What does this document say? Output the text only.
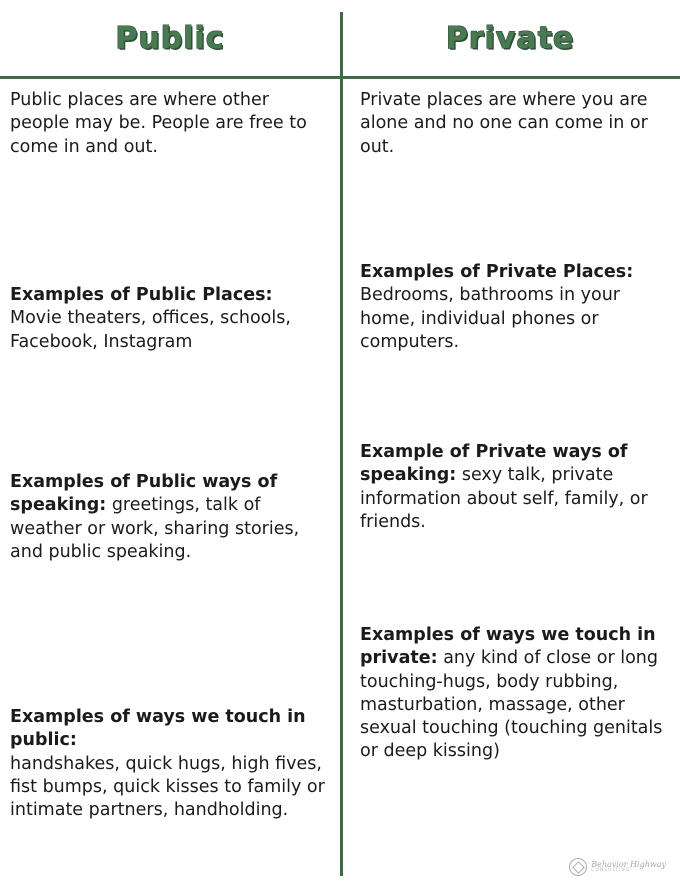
Public	Private
Public places are where other people may be. People are free to come in and out.
Examples of Public Places:
Movie theaters, offices, schools, Facebook, Instagram
Examples of Public ways of speaking: greetings, talk of weather or work, sharing stories, and public speaking.
Examples of ways we touch in public:
handshakes, quick hugs, high fives, fist bumps, quick kisses to family or intimate partners, handholding.
Private places are where you are alone and no one can come in or out.
Examples of Private Places:
Bedrooms, bathrooms in your home, individual phones or computers.
Example of Private ways of speaking: sexy talk, private information about self, family, or friends.
Examples of ways we touch in private: any kind of close or long touching-hugs, body rubbing, masturbation, massage, other sexual touching (touching genitals or deep kissing)
Behavior Highway
CONSULTING
